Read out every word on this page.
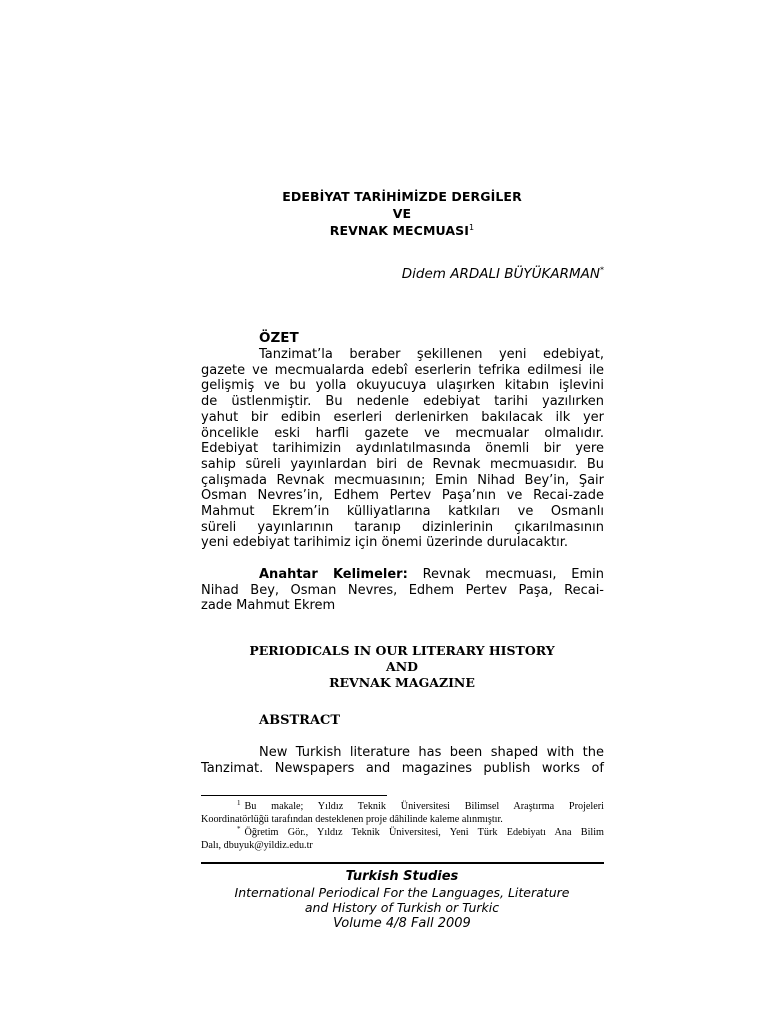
EDEBİYAT TARİHİMİZDE DERGİLER
VE
REVNAK MECMUASI$^1$
Didem ARDALI BÜYÜKARMAN*
ÖZET
Tanzimat’la beraber şekillenen yeni edebiyat,
gazete ve mecmualarda edebî eserlerin tefrika edilmesi ile
gelişmiş ve bu yolla okuyucuya ulaşırken kitabın işlevini
de üstlenmiştir. Bu nedenle edebiyat tarihi yazılırken
yahut bir edibin eserleri derlenirken bakılacak ilk yer
öncelikle eski harfli gazete ve mecmualar olmalıdır.
Edebiyat tarihimizin aydınlatılmasında önemli bir yere
sahip süreli yayınlardan biri de Revnak mecmuasıdır. Bu
çalışmada Revnak mecmuasının; Emin Nihad Bey’in, Şair
Osman Nevres’in, Edhem Pertev Paşa’nın ve Recai-zade
Mahmut Ekrem’in külliyatlarına katkıları ve Osmanlı
süreli yayınlarının taranıp dizinlerinin çıkarılmasının
yeni edebiyat tarihimiz için önemi üzerinde durulacaktır.
Anahtar Kelimeler: Revnak mecmuası, Emin
Nihad Bey, Osman Nevres, Edhem Pertev Paşa, Recai-
zade Mahmut Ekrem
PERIODICALS IN OUR LITERARY HISTORY
AND
REVNAK MAGAZINE
ABSTRACT
New Turkish literature has been shaped with the
Tanzimat. Newspapers and magazines publish works of
$^1$ Bu makale; Yıldız Teknik Üniversitesi Bilimsel Araştırma Projeleri
Koordinatörlüğü tarafından desteklenen proje dâhilinde kaleme alınmıştır.
* Öğretim Gör., Yıldız Teknik Üniversitesi, Yeni Türk Edebiyatı Ana Bilim
Dalı, dbuyuk@yildiz.edu.tr
Turkish Studies
International Periodical For the Languages, Literature
and History of Turkish or Turkic
Volume 4/8 Fall 2009
